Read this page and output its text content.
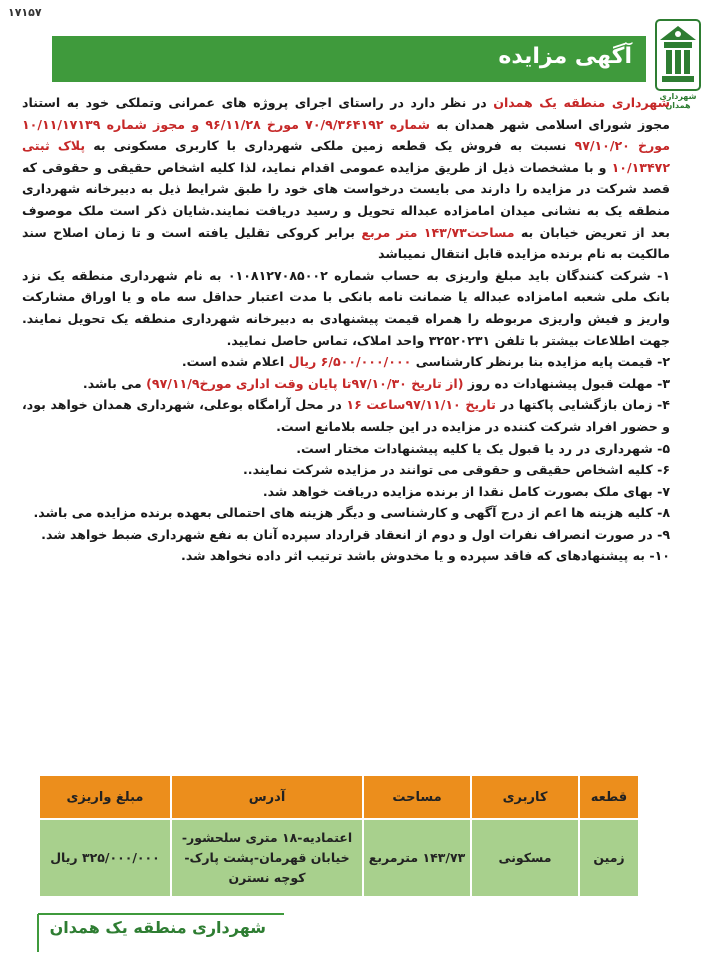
۱۷۱۵۷
آگهی مزایده
شهرداری همدان

شهرداری منطقه یک همدان در نظر دارد در راستای اجرای پروژه های عمرانی وتملکی خود به استناد مجوز شورای اسلامی شهر همدان به شماره ۷۰/۹/۳۶۴۱۹۲ مورخ ۹۶/۱۱/۲۸ و مجوز شماره ۱۰/۱۱/۱۷۱۳۹ مورخ ۹۷/۱۰/۲۰ نسبت به فروش یک قطعه زمین ملکی شهرداری با کاربری مسکونی به پلاک ثبتی ۱۰/۱۳۴۷۲ و با مشخصات ذیل از طریق مزایده عمومی اقدام نماید، لذا کلیه اشخاص حقیقی و حقوقی که قصد شرکت در مزایده را دارند می بایست درخواست های خود را طبق شرایط ذیل به دبیرخانه شهرداری منطقه یک به نشانی میدان امامزاده عبداله تحویل و رسید دریافت نمایند.شایان ذکر است ملک موصوف بعد از تعریض خیابان به مساحت۱۴۳/۷۳ متر مربع برابر کروکی تقلیل یافته است و تا زمان اصلاح سند مالکیت به نام برنده مزایده قابل انتقال نمیباشد

۱- شرکت کنندگان باید مبلغ واریزی به حساب شماره ۰۱۰۸۱۲۷۰۸۵۰۰۲ به نام شهرداری منطقه یک نزد بانک ملی شعبه امامزاده عبداله یا ضمانت نامه بانکی با مدت اعتبار حداقل سه ماه و یا اوراق مشارکت واریز و فیش واریزی مربوطه را همراه قیمت پیشنهادی به دبیرخانه شهرداری منطقه یک تحویل نمایند. جهت اطلاعات بیشتر با تلفن ۳۲۵۲۰۲۳۱ واحد املاک، تماس حاصل نمایید.

۲- قیمت پایه مزایده بنا برنظر کارشناسی ۶/۵۰۰/۰۰۰/۰۰۰ ریال اعلام شده است.

۳- مهلت قبول پیشنهادات ده روز (از تاریخ ۹۷/۱۰/۳۰تا پایان وقت اداری مورخ۹۷/۱۱/۹) می باشد.

۴- زمان بازگشایی پاکتها در تاریخ ۹۷/۱۱/۱۰ساعت ۱۶ در محل آرامگاه بوعلی، شهرداری همدان خواهد بود، و حضور افراد شرکت کننده در مزایده در این جلسه بلامانع است.

۵- شهرداری در رد یا قبول یک یا کلیه پیشنهادات مختار است.

۶- کلیه اشخاص حقیقی و حقوقی می توانند در مزایده شرکت نمایند..

۷- بهای ملک بصورت کامل نقدا از برنده مزایده دریافت خواهد شد.

۸- کلیه هزینه ها اعم از درج آگهی و کارشناسی و دیگر هزینه های احتمالی بعهده برنده مزایده می باشد.

۹- در صورت انصراف نفرات اول و دوم از انعقاد قرارداد سپرده آنان به نفع شهرداری ضبط خواهد شد.

۱۰- به پیشنهادهای که فاقد سپرده و یا مخدوش باشد ترتیب اثر داده نخواهد شد.

قطعه	کاربری	مساحت	آدرس	مبلغ واریزی
زمین	مسکونی	۱۴۳/۷۳ مترمربع	اعتمادیه-۱۸ متری سلحشور-خیابان قهرمان-پشت پارک-کوچه نسترن	۳۲۵/۰۰۰/۰۰۰ ریال
شهرداری منطقه یک همدان
